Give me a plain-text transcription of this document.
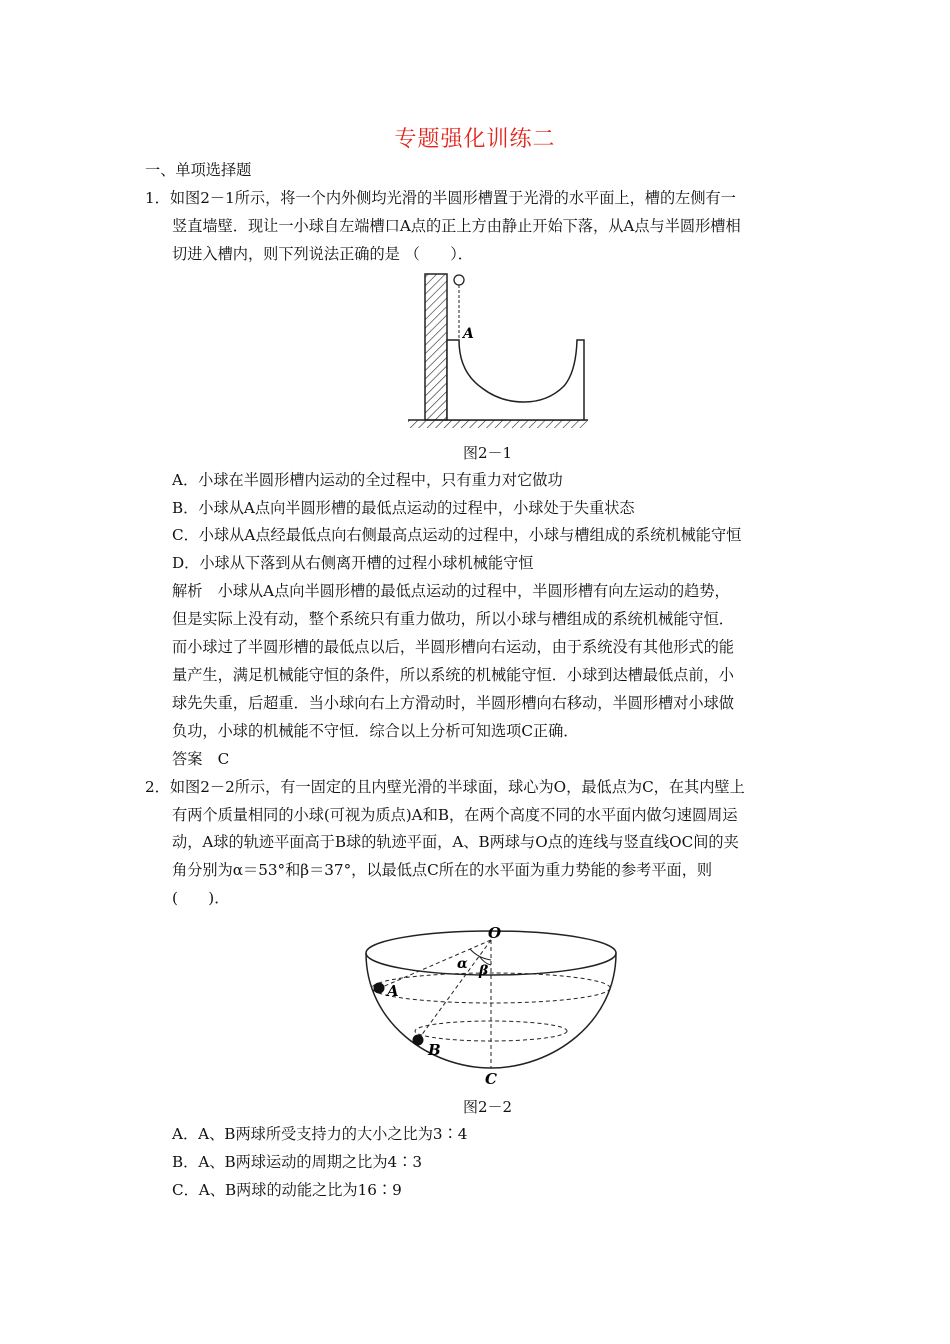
专题强化训练二
一、单项选择题
1．如图2－1所示，将一个内外侧均光滑的半圆形槽置于光滑的水平面上，槽的左侧有一
竖直墙壁．现让一小球自左端槽口A点的正上方由静止开始下落，从A点与半圆形槽相
切进入槽内，则下列说法正确的是 （　　）．
A
图2－1
A．小球在半圆形槽内运动的全过程中，只有重力对它做功
B．小球从A点向半圆形槽的最低点运动的过程中，小球处于失重状态
C．小球从A点经最低点向右侧最高点运动的过程中，小球与槽组成的系统机械能守恒
D．小球从下落到从右侧离开槽的过程小球机械能守恒
解析　小球从A点向半圆形槽的最低点运动的过程中，半圆形槽有向左运动的趋势，
但是实际上没有动，整个系统只有重力做功，所以小球与槽组成的系统机械能守恒．
而小球过了半圆形槽的最低点以后，半圆形槽向右运动，由于系统没有其他形式的能
量产生，满足机械能守恒的条件，所以系统的机械能守恒．小球到达槽最低点前，小
球先失重，后超重．当小球向右上方滑动时，半圆形槽向右移动，半圆形槽对小球做
负功，小球的机械能不守恒．综合以上分析可知选项C正确．
答案　C
2．如图2－2所示，有一固定的且内壁光滑的半球面，球心为O，最低点为C，在其内壁上
有两个质量相同的小球(可视为质点)A和B，在两个高度不同的水平面内做匀速圆周运
动，A球的轨迹平面高于B球的轨迹平面，A、B两球与O点的连线与竖直线OC间的夹
角分别为α＝53°和β＝37°，以最低点C所在的水平面为重力势能的参考平面，则
(　　)．
O
A
B
C
α β
图2－2
A．A、B两球所受支持力的大小之比为3∶4
B．A、B两球运动的周期之比为4∶3
C．A、B两球的动能之比为16∶9
